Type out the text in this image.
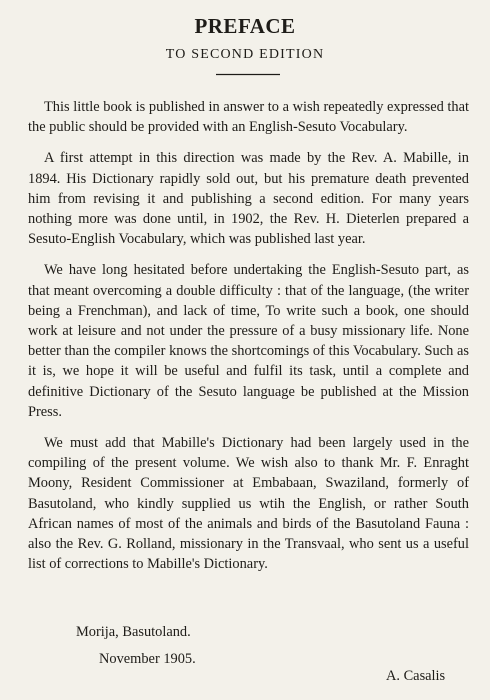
PREFACE
TO SECOND EDITION

This little book is published in answer to a wish repeatedly expressed that the public should be provided with an English-Sesuto Vocabulary.

A first attempt in this direction was made by the Rev. A. Mabille, in 1894. His Dictionary rapidly sold out, but his premature death prevented him from revising it and publishing a second edition. For many years nothing more was done until, in 1902, the Rev. H. Dieterlen prepared a Sesuto-English Vocabulary, which was published last year.

We have long hesitated before undertaking the English-Sesuto part, as that meant overcoming a double difficulty : that of the language, (the writer being a Frenchman), and lack of time, To write such a book, one should work at leisure and not under the pressure of a busy missionary life. None better than the compiler knows the shortcomings of this Vocabulary. Such as it is, we hope it will be useful and fulfil its task, until a complete and definitive Dictionary of the Sesuto language be published at the Mission Press.

We must add that Mabille's Dictionary had been largely used in the compiling of the present volume. We wish also to thank Mr. F. Enraght Moony, Resident Commissioner at Embabaan, Swaziland, formerly of Basutoland, who kindly supplied us wtih the English, or rather South African names of most of the animals and birds of the Basutoland Fauna : also the Rev. G. Rolland, missionary in the Transvaal, who sent us a useful list of corrections to Mabille's Dictionary.

Morija, Basutoland.
November 1905.
A. Casalis
